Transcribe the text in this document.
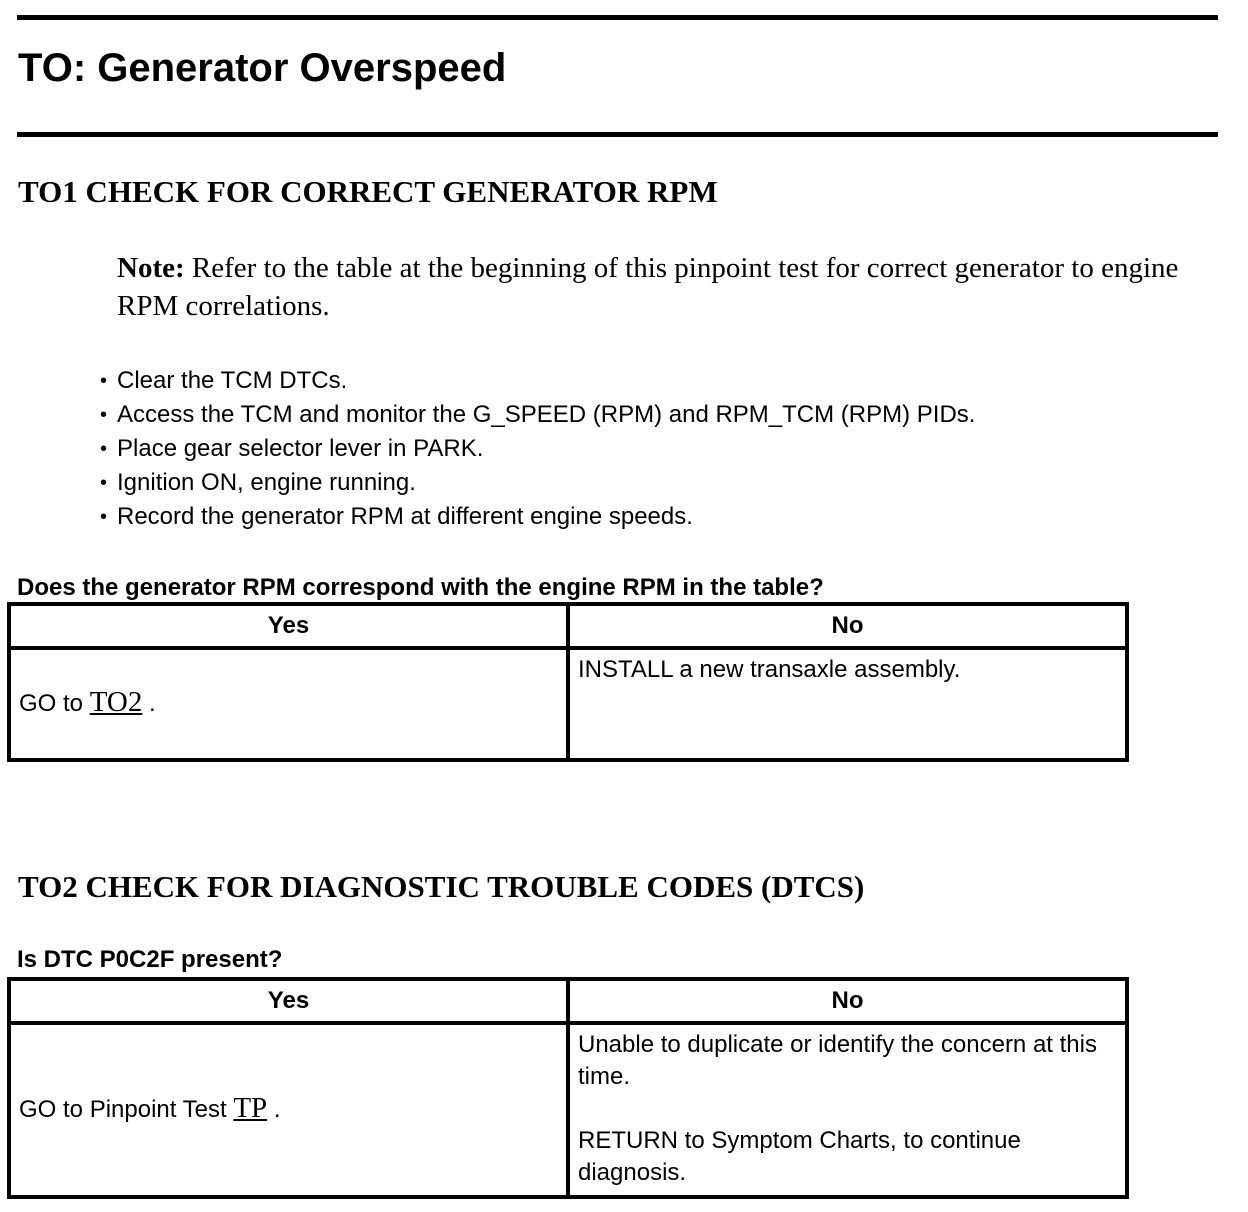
TO: Generator Overspeed
TO1 CHECK FOR CORRECT GENERATOR RPM

Note: Refer to the table at the beginning of this pinpoint test for correct generator to engine RPM correlations.

• Clear the TCM DTCs.
• Access the TCM and monitor the G_SPEED (RPM) and RPM_TCM (RPM) PIDs.
• Place gear selector lever in PARK.
• Ignition ON, engine running.
• Record the generator RPM at different engine speeds.

Does the generator RPM correspond with the engine RPM in the table?

Yes	No
GO to TO2 .	INSTALL a new transaxle assembly.
TO2 CHECK FOR DIAGNOSTIC TROUBLE CODES (DTCS)

Is DTC P0C2F present?

Yes	No
GO to Pinpoint Test TP .	Unable to duplicate or identify the concern at this time.
RETURN to Symptom Charts, to continue diagnosis.
